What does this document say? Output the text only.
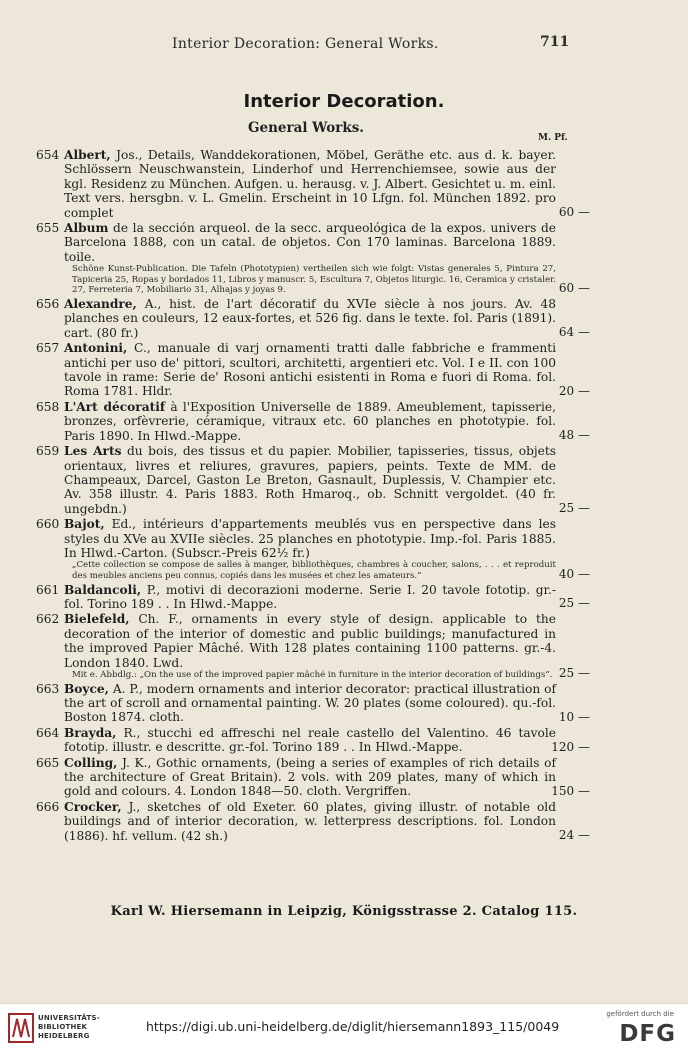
Interior Decoration: General Works.	711
Interior Decoration.
General Works.
M. Pf.
654 Albert, Jos., Details, Wanddekorationen, Möbel, Geräthe etc. aus d. k. bayer. Schlössern Neuschwanstein, Linderhof und Herrenchiemsee, sowie aus der kgl. Residenz zu München. Aufgen. u. herausg. v. J. Albert. Gesichtet u. m. einl. Text vers. hersgbn. v. L. Gmelin. Erscheint in 10 Lfgn. fol. München 1892. pro complet	60 —
655 Album de la sección arqueol. de la secc. arqueológica de la expos. univers de Barcelona 1888, con un catal. de objetos. Con 170 laminas. Barcelona 1889. toile.
Schöne Kunst-Publication. Die Tafeln (Phototypien) vertheilen sich wie folgt: Vistas generales 5, Pintura 27, Tapiceria 25, Ropas y bordados 11, Libros y manuscr. 5, Escultura 7, Objetos liturgic. 16, Ceramica y cristaler. 27, Ferreteria 7, Mobiliario 31, Alhajas y joyas 9.	60 —
656 Alexandre, A., hist. de l'art décoratif du XVIe siècle à nos jours. Av. 48 planches en couleurs, 12 eaux-fortes, et 526 fig. dans le texte. fol. Paris (1891). cart. (80 fr.)	64 —
657 Antonini, C., manuale di varj ornamenti tratti dalle fabbriche e frammenti antichi per uso de' pittori, scultori, architetti, argentieri etc. Vol. I e II. con 100 tavole in rame: Serie de' Rosoni antichi esistenti in Roma e fuori di Roma. fol. Roma 1781. Hldr.	20 —
658 L'Art décoratif à l'Exposition Universelle de 1889. Ameublement, tapisserie, bronzes, orfèvrerie, céramique, vitraux etc. 60 planches en phototypie. fol. Paris 1890. In Hlwd.-Mappe.	48 —
659 Les Arts du bois, des tissus et du papier. Mobilier, tapisseries, tissus, objets orientaux, livres et reliures, gravures, papiers, peints. Texte de MM. de Champeaux, Darcel, Gaston Le Breton, Gasnault, Duplessis, V. Champier etc. Av. 358 illustr. 4. Paris 1883. Roth Hmaroq., ob. Schnitt vergoldet. (40 fr. ungebdn.)	25 —
660 Bajot, Ed., intérieurs d'appartements meublés vus en perspective dans les styles du XVe au XVIIe siècles. 25 planches en phototypie. Imp.-fol. Paris 1885. In Hlwd.-Carton. (Subscr.-Preis 62½ fr.)
„Cette collection se compose de salles à manger, bibliothèques, chambres à coucher, salons, . . . et reproduit des meubles anciens peu connus, copiés dans les musées et chez les amateurs.“	40 —
661 Baldancoli, P., motivi di decorazioni moderne. Serie I. 20 tavole fototip. gr.-fol. Torino 189 . . In Hlwd.-Mappe.	25 —
662 Bielefeld, Ch. F., ornaments in every style of design. applicable to the decoration of the interior of domestic and public buildings; manufactured in the improved Papier Mâché. With 128 plates containing 1100 patterns. gr.-4. London 1840. Lwd.
Mit e. Abbdlg.: „On the use of the improved papier mâché in furniture in the interior decoration of buildings“. 25 —
663 Boyce, A. P., modern ornaments and interior decorator: practical illustration of the art of scroll and ornamental painting. W. 20 plates (some coloured). qu.-fol. Boston 1874. cloth.	10 —
664 Brayda, R., stucchi ed affreschi nel reale castello del Valentino. 46 tavole fototip. illustr. e descritte. gr.-fol. Torino 189 . . In Hlwd.-Mappe.	120 —
665 Colling, J. K., Gothic ornaments, (being a series of examples of rich details of the architecture of Great Britain). 2 vols. with 209 plates, many of which in gold and colours. 4. London 1848—50. cloth. Vergriffen.	150 —
666 Crocker, J., sketches of old Exeter. 60 plates, giving illustr. of notable old buildings and of interior decoration, w. letterpress descriptions. fol. London (1886). hf. vellum. (42 sh.)	24 —
Karl W. Hiersemann in Leipzig, Königsstrasse 2. Catalog 115.
UNIVERSITÄTS-
BIBLIOTHEK
HEIDELBERG
https://digi.ub.uni-heidelberg.de/diglit/hiersemann1893_115/0049
gefördert durch die
DFG
